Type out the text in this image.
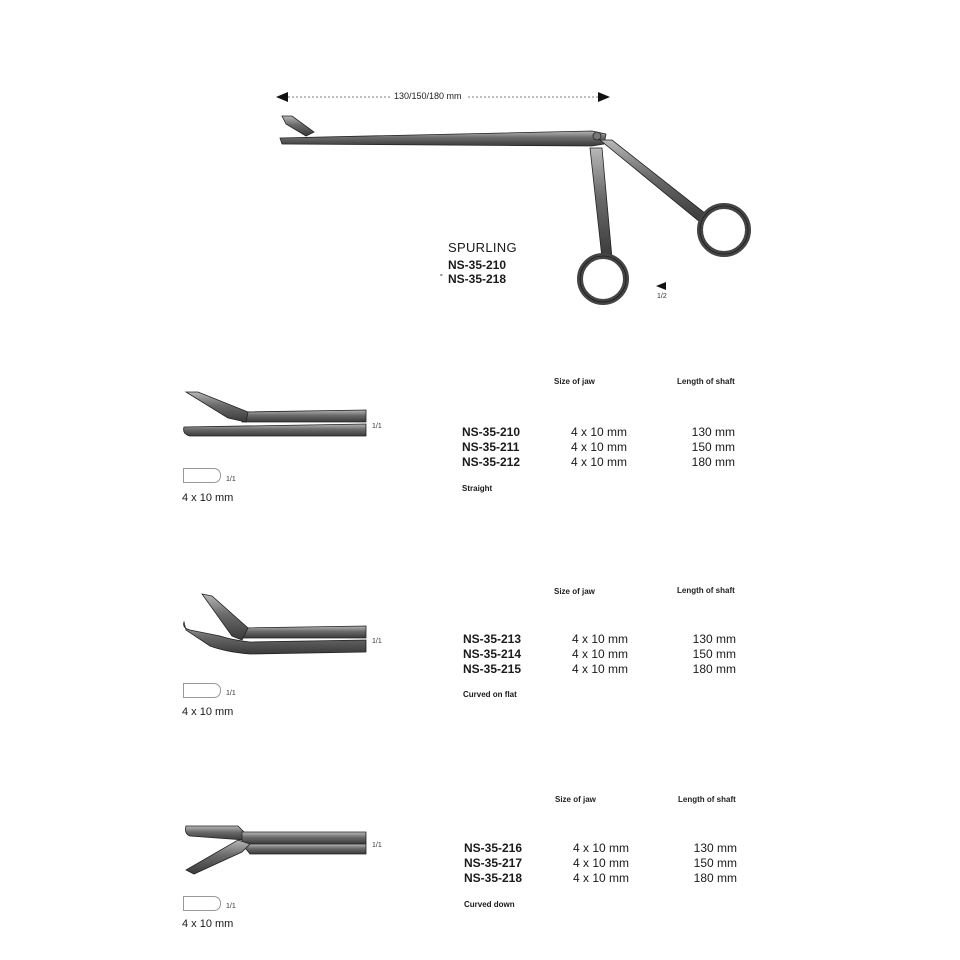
130/150/180 mm
SPURLING
NS-35-210
- NS-35-218
1/2
1/1
1/1
4 x 10 mm
Size of jaw	Length of shaft
NS-35-210	4 x 10 mm	130 mm
NS-35-211	4 x 10 mm	150 mm
NS-35-212	4 x 10 mm	180 mm
Straight
1/1
1/1
4 x 10 mm
Size of jaw	Length of shaft
NS-35-213	4 x 10 mm	130 mm
NS-35-214	4 x 10 mm	150 mm
NS-35-215	4 x 10 mm	180 mm
Curved on flat
1/1
1/1
4 x 10 mm
Size of jaw	Length of shaft
NS-35-216	4 x 10 mm	130 mm
NS-35-217	4 x 10 mm	150 mm
NS-35-218	4 x 10 mm	180 mm
Curved down
